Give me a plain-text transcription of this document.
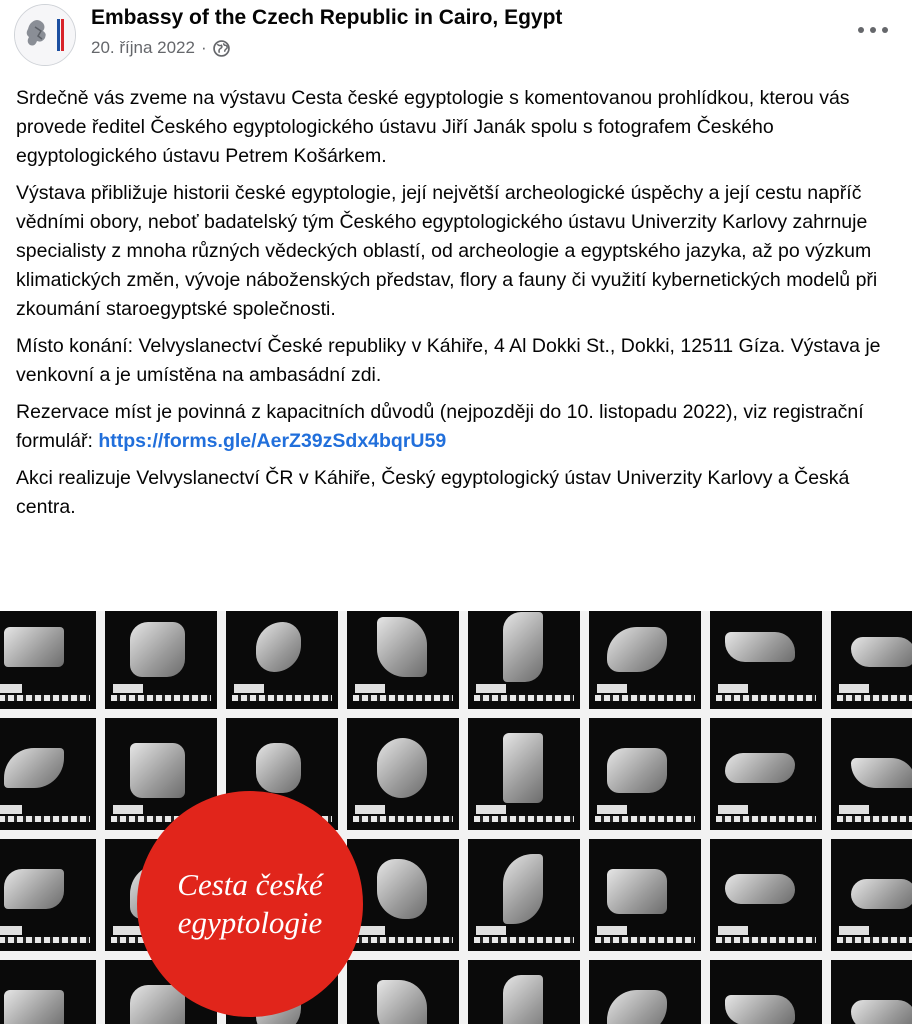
Embassy of the Czech Republic in Cairo, Egypt
20. října 2022 ·

Srdečně vás zveme na výstavu Cesta české egyptologie s komentovanou prohlídkou, kterou vás provede ředitel Českého egyptologického ústavu Jiří Janák spolu s fotografem Českého egyptologického ústavu Petrem Košárkem.

Výstava přibližuje historii české egyptologie, její největší archeologické úspěchy a její cestu napříč vědními obory, neboť badatelský tým Českého egyptologického ústavu Univerzity Karlovy zahrnuje specialisty z mnoha různých vědeckých oblastí, od archeologie a egyptského jazyka, až po výzkum klimatických změn, vývoje náboženských představ, flory a fauny či využití kybernetických modelů při zkoumání staroegyptské společnosti.

Místo konání: Velvyslanectví České republiky v Káhiře, 4 Al Dokki St., Dokki, 12511 Gíza. Výstava je venkovní a je umístěna na ambasádní zdi.

Rezervace míst je povinná z kapacitních důvodů (nejpozději do 10. listopadu 2022), viz registrační formulář: https://forms.gle/AerZ39zSdx4bqrU59

Akci realizuje Velvyslanectví ČR v Káhiře, Český egyptologický ústav Univerzity Karlovy a Česká centra.

Cesta české
egyptologie
